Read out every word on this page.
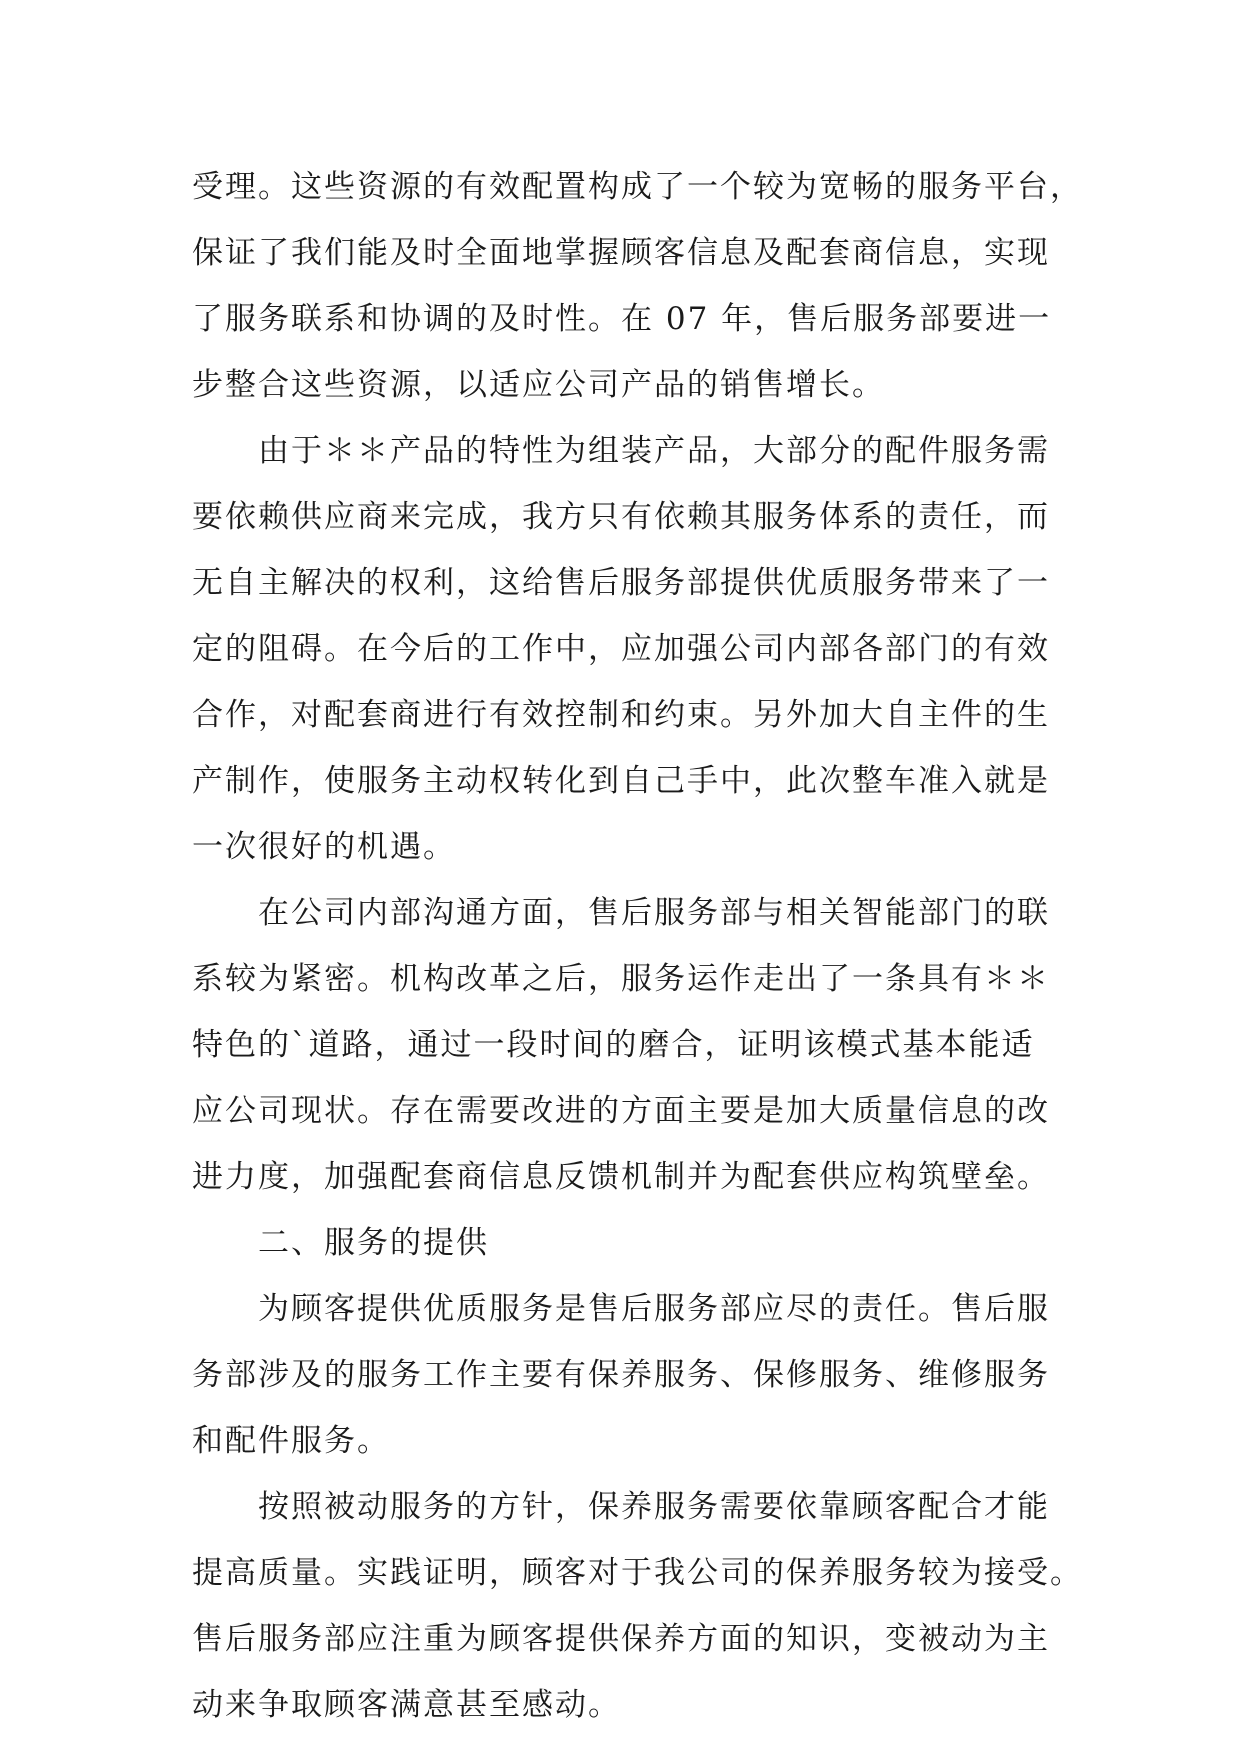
受理。这些资源的有效配置构成了一个较为宽畅的服务平台，
保证了我们能及时全面地掌握顾客信息及配套商信息，实现
了服务联系和协调的及时性。在 07 年，售后服务部要进一
步整合这些资源，以适应公司产品的销售增长。
由于＊＊产品的特性为组装产品，大部分的配件服务需
要依赖供应商来完成，我方只有依赖其服务体系的责任，而
无自主解决的权利，这给售后服务部提供优质服务带来了一
定的阻碍。在今后的工作中，应加强公司内部各部门的有效
合作，对配套商进行有效控制和约束。另外加大自主件的生
产制作，使服务主动权转化到自己手中，此次整车准入就是
一次很好的机遇。
在公司内部沟通方面，售后服务部与相关智能部门的联
系较为紧密。机构改革之后，服务运作走出了一条具有＊＊
特色的`道路，通过一段时间的磨合，证明该模式基本能适
应公司现状。存在需要改进的方面主要是加大质量信息的改
进力度，加强配套商信息反馈机制并为配套供应构筑壁垒。
二、服务的提供
为顾客提供优质服务是售后服务部应尽的责任。售后服
务部涉及的服务工作主要有保养服务、保修服务、维修服务
和配件服务。
按照被动服务的方针，保养服务需要依靠顾客配合才能
提高质量。实践证明，顾客对于我公司的保养服务较为接受。
售后服务部应注重为顾客提供保养方面的知识，变被动为主
动来争取顾客满意甚至感动。
